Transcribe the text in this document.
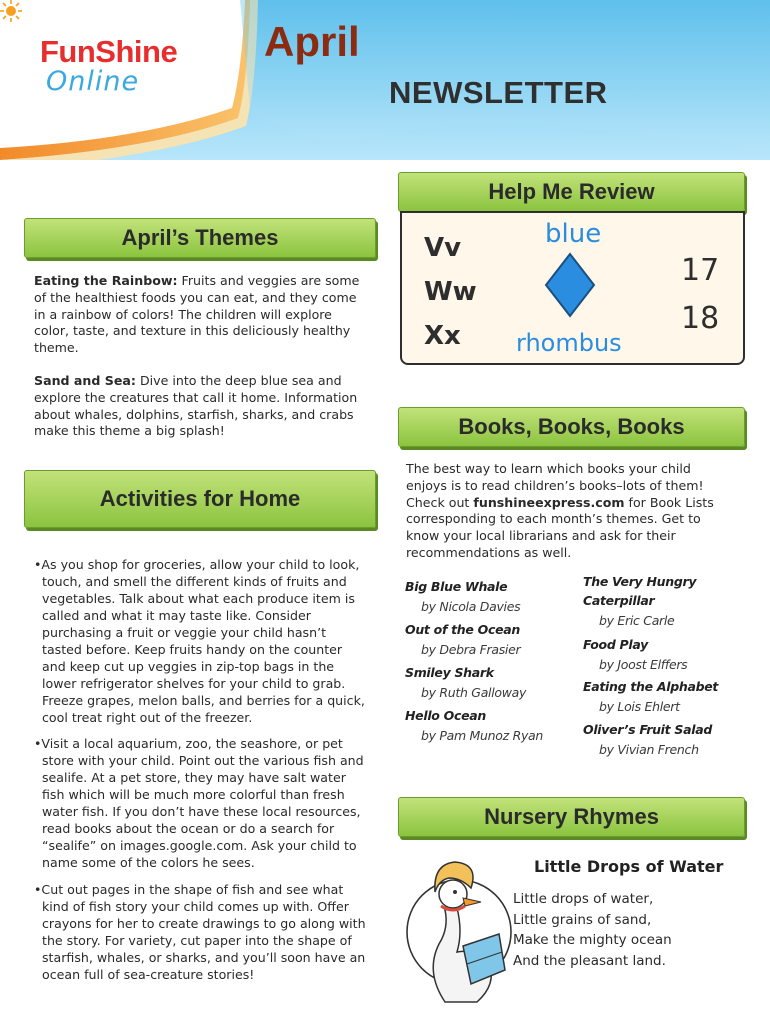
FunShine
Online
April
NEWSLETTER
April’s Themes
Eating the Rainbow: Fruits and veggies are some of the healthiest foods you can eat, and they come in a rainbow of colors! The children will explore color, taste, and texture in this deliciously healthy theme.
Sand and Sea: Dive into the deep blue sea and explore the creatures that call it home. Information about whales, dolphins, starfish, sharks, and crabs make this theme a big splash!
Activities for Home
•As you shop for groceries, allow your child to look, touch, and smell the different kinds of fruits and vegetables. Talk about what each produce item is called and what it may taste like. Consider purchasing a fruit or veggie your child hasn’t tasted before. Keep fruits handy on the counter and keep cut up veggies in zip-top bags in the lower refrigerator shelves for your child to grab. Freeze grapes, melon balls, and berries for a quick, cool treat right out of the freezer.
•Visit a local aquarium, zoo, the seashore, or pet store with your child. Point out the various fish and sealife. At a pet store, they may have salt water fish which will be much more colorful than fresh water fish. If you don’t have these local resources, read books about the ocean or do a search for “sealife” on images.google.com. Ask your child to name some of the colors he sees.
•Cut out pages in the shape of fish and see what kind of fish story your child comes up with. Offer crayons for her to create drawings to go along with the story. For variety, cut paper into the shape of starfish, whales, or sharks, and you’ll soon have an ocean full of sea-creature stories!
Help Me Review
Vv
Ww
Xx
blue
rhombus
17
18
Books, Books, Books
The best way to learn which books your child enjoys is to read children’s books–lots of them! Check out funshineexpress.com for Book Lists corresponding to each month’s themes. Get to know your local librarians and ask for their recommendations as well.
Big Blue Whale
by Nicola Davies
Out of the Ocean
by Debra Frasier
Smiley Shark
by Ruth Galloway
Hello Ocean
by Pam Munoz Ryan
The Very Hungry
Caterpillar
by Eric Carle
Food Play
by Joost Elffers
Eating the Alphabet
by Lois Ehlert
Oliver’s Fruit Salad
by Vivian French
Nursery Rhymes
Little Drops of Water
Little drops of water,
Little grains of sand,
Make the mighty ocean
And the pleasant land.
